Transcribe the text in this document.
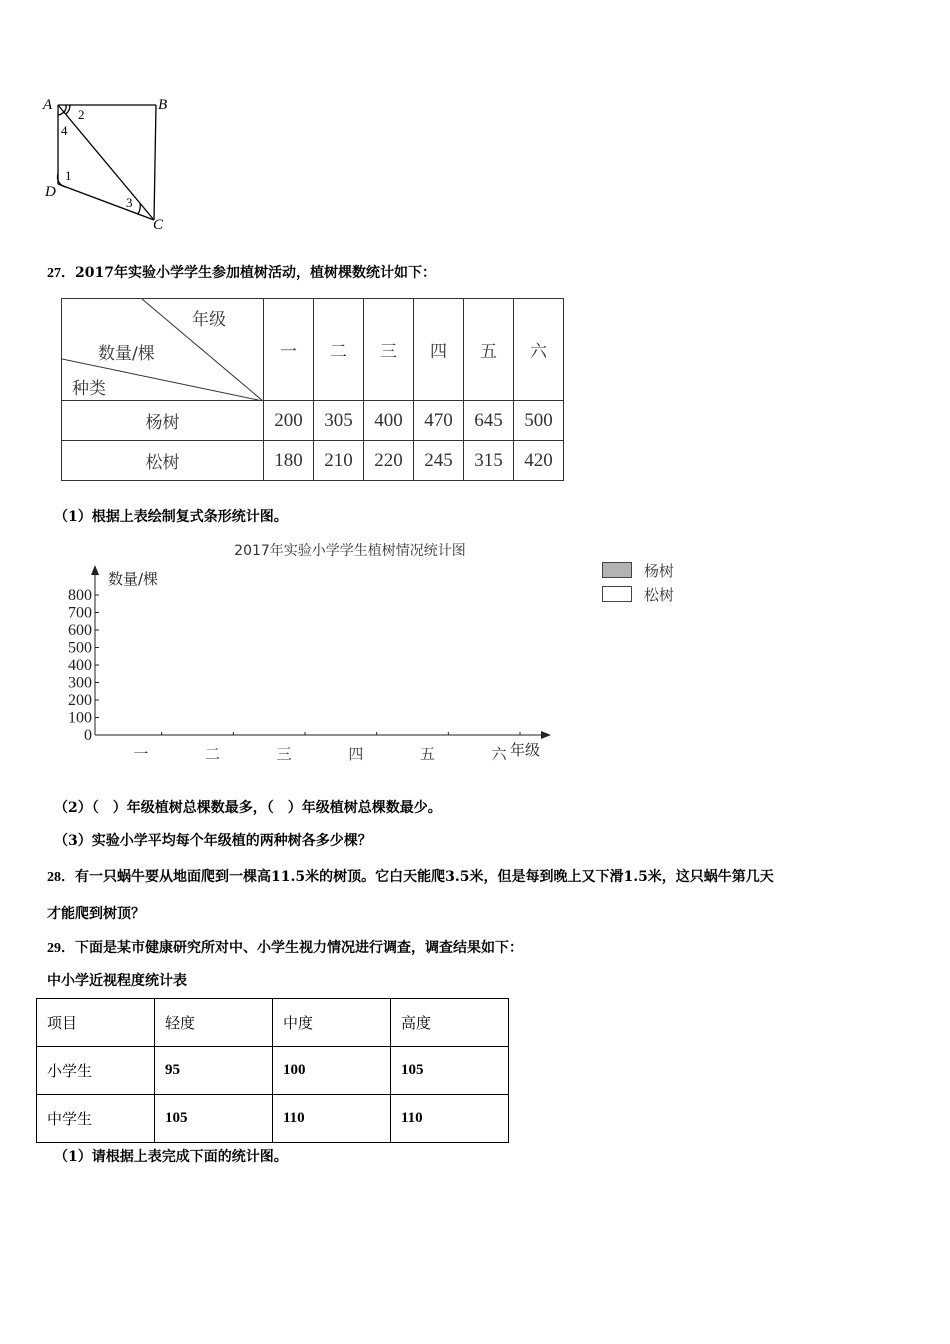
A	B
C
D
1
2
3
4
27．2017年实验小学学生参加植树活动，植树棵数统计如下：
年级
数量/棵
种类	一	二	三	四	五	六
杨树	200	305	400	470	645	500
松树	180	210	220	245	315	420
（1）根据上表绘制复式条形统计图。
2017年实验小学学生植树情况统计图
数量/棵
年级
0
100
200
300
400
500
600
700
800
一	二	三	四	五	六
杨树
松树
（2）（　）年级植树总棵数最多，（　）年级植树总棵数最少。
（3）实验小学平均每个年级植的两种树各多少棵？
28．有一只蜗牛要从地面爬到一棵高11.5米的树顶。它白天能爬3.5米，但是每到晚上又下滑1.5米，这只蜗牛第几天
才能爬到树顶？
29．下面是某市健康研究所对中、小学生视力情况进行调查，调查结果如下：
中小学近视程度统计表
项目	轻度	中度	高度
小学生	95	100	105
中学生	105	110	110
（1）请根据上表完成下面的统计图。
